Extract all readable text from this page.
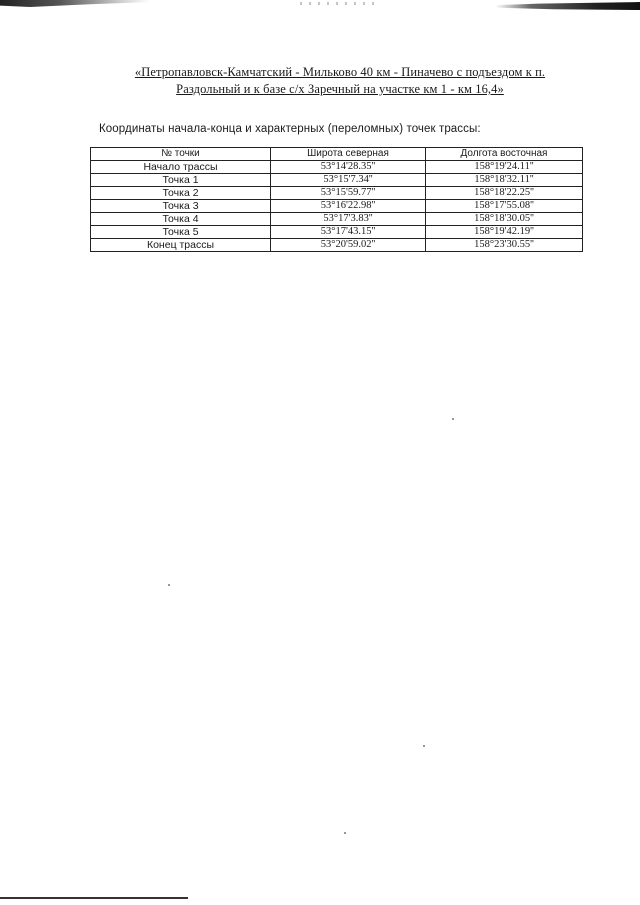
«Петропавловск-Камчатский - Мильково 40 км - Пиначево с подъездом к п.
Раздольный и к базе с/х Заречный на участке км 1 - км 16,4»
Координаты начала-конца и характерных (переломных) точек трассы:
№ точки	Широта северная	Долгота восточная
Начало трассы	53°14'28.35''	158°19'24.11''
Точка 1	53°15'7.34''	158°18'32.11''
Точка 2	53°15'59.77''	158°18'22.25''
Точка 3	53°16'22.98''	158°17'55.08''
Точка 4	53°17'3.83''	158°18'30.05''
Точка 5	53°17'43.15''	158°19'42.19''
Конец трассы	53°20'59.02''	158°23'30.55''
